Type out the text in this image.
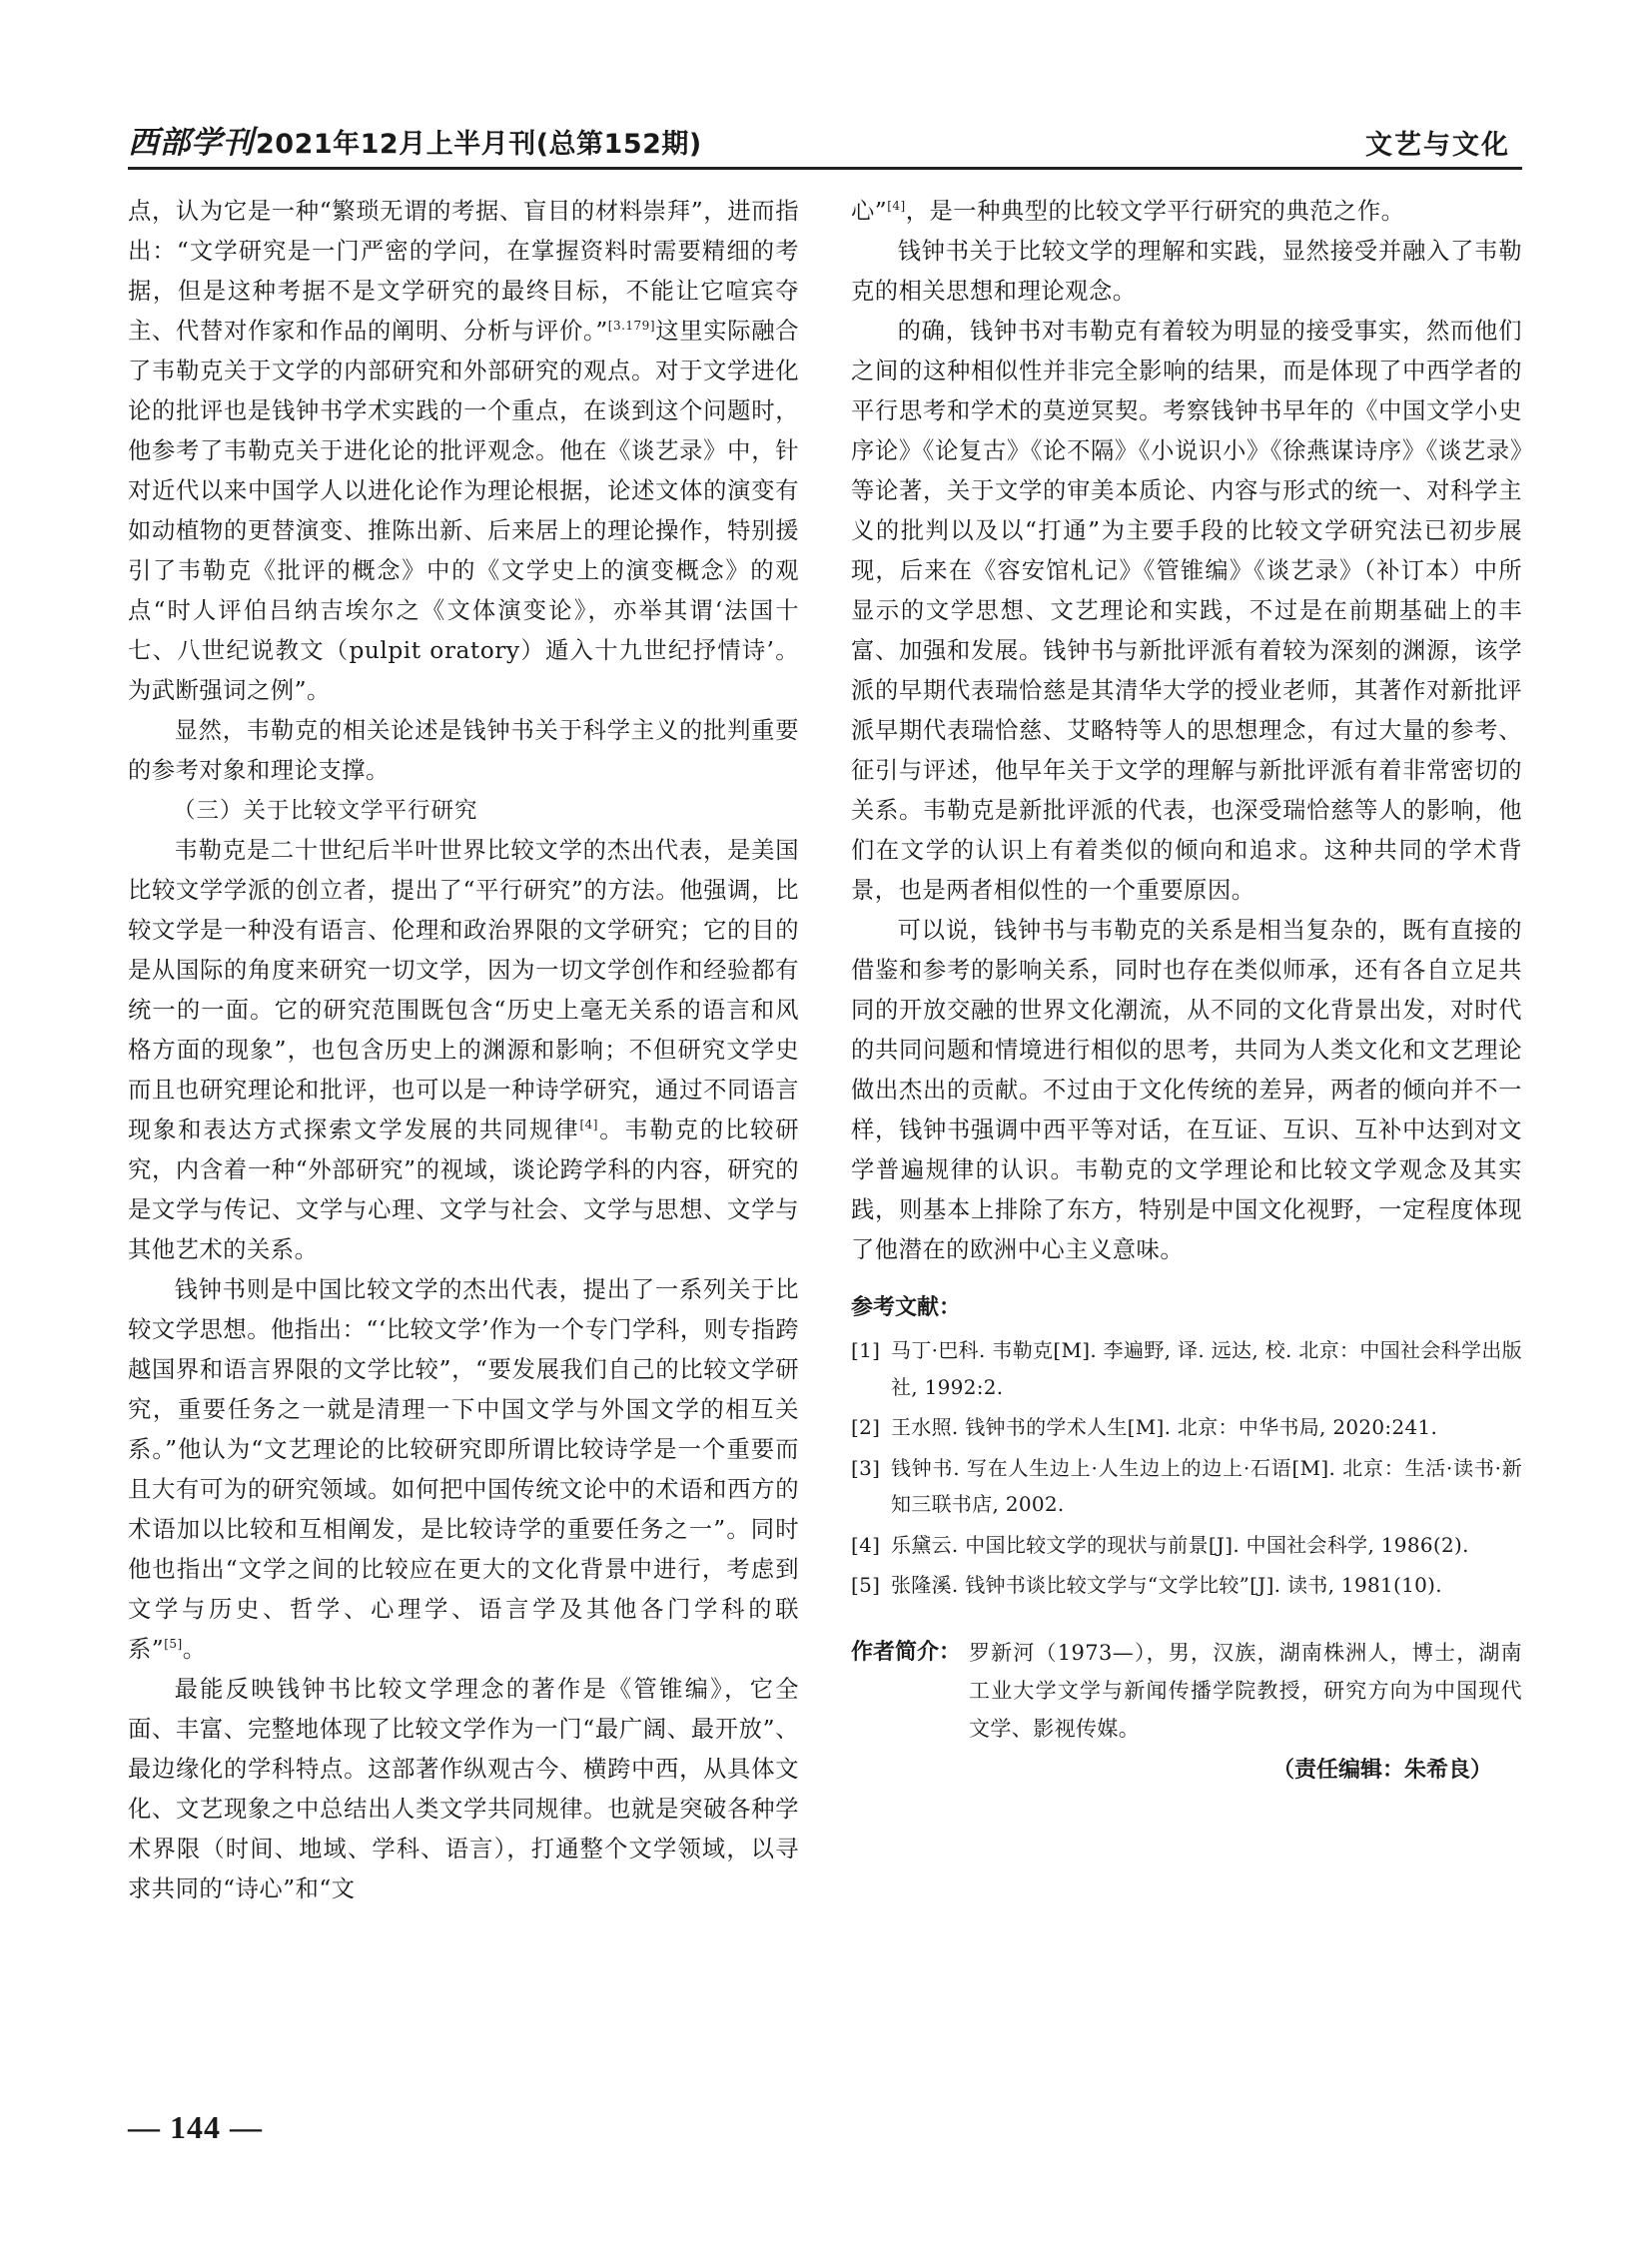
西部学刊2021年12月上半月刊(总第152期)	文艺与文化

点，认为它是一种“繁琐无谓的考据、盲目的材料崇拜”，进而指出：“文学研究是一门严密的学问，在掌握资料时需要精细的考据，但是这种考据不是文学研究的最终目标，不能让它喧宾夺主、代替对作家和作品的阐明、分析与评价。”[3.179]这里实际融合了韦勒克关于文学的内部研究和外部研究的观点。对于文学进化论的批评也是钱钟书学术实践的一个重点，在谈到这个问题时，他参考了韦勒克关于进化论的批评观念。他在《谈艺录》中，针对近代以来中国学人以进化论作为理论根据，论述文体的演变有如动植物的更替演变、推陈出新、后来居上的理论操作，特别援引了韦勒克《批评的概念》中的《文学史上的演变概念》的观点“时人评伯吕纳吉埃尔之《文体演变论》，亦举其谓‘法国十七、八世纪说教文（pulpit oratory）遁入十九世纪抒情诗’。为武断强词之例”。

显然，韦勒克的相关论述是钱钟书关于科学主义的批判重要的参考对象和理论支撑。

（三）关于比较文学平行研究

韦勒克是二十世纪后半叶世界比较文学的杰出代表，是美国比较文学学派的创立者，提出了“平行研究”的方法。他强调，比较文学是一种没有语言、伦理和政治界限的文学研究；它的目的是从国际的角度来研究一切文学，因为一切文学创作和经验都有统一的一面。它的研究范围既包含“历史上毫无关系的语言和风格方面的现象”，也包含历史上的渊源和影响；不但研究文学史而且也研究理论和批评，也可以是一种诗学研究，通过不同语言现象和表达方式探索文学发展的共同规律[4]。韦勒克的比较研究，内含着一种“外部研究”的视域，谈论跨学科的内容，研究的是文学与传记、文学与心理、文学与社会、文学与思想、文学与其他艺术的关系。

钱钟书则是中国比较文学的杰出代表，提出了一系列关于比较文学思想。他指出：“‘比较文学’作为一个专门学科，则专指跨越国界和语言界限的文学比较”，“要发展我们自己的比较文学研究，重要任务之一就是清理一下中国文学与外国文学的相互关系。”他认为“文艺理论的比较研究即所谓比较诗学是一个重要而且大有可为的研究领域。如何把中国传统文论中的术语和西方的术语加以比较和互相阐发，是比较诗学的重要任务之一”。同时他也指出“文学之间的比较应在更大的文化背景中进行，考虑到文学与历史、哲学、心理学、语言学及其他各门学科的联系”[5]。

最能反映钱钟书比较文学理念的著作是《管锥编》，它全面、丰富、完整地体现了比较文学作为一门“最广阔、最开放”、最边缘化的学科特点。这部著作纵观古今、横跨中西，从具体文化、文艺现象之中总结出人类文学共同规律。也就是突破各种学术界限（时间、地域、学科、语言），打通整个文学领域，以寻求共同的“诗心”和“文

心”[4]，是一种典型的比较文学平行研究的典范之作。

钱钟书关于比较文学的理解和实践，显然接受并融入了韦勒克的相关思想和理论观念。

的确，钱钟书对韦勒克有着较为明显的接受事实，然而他们之间的这种相似性并非完全影响的结果，而是体现了中西学者的平行思考和学术的莫逆冥契。考察钱钟书早年的《中国文学小史序论》《论复古》《论不隔》《小说识小》《徐燕谋诗序》《谈艺录》等论著，关于文学的审美本质论、内容与形式的统一、对科学主义的批判以及以“打通”为主要手段的比较文学研究法已初步展现，后来在《容安馆札记》《管锥编》《谈艺录》（补订本）中所显示的文学思想、文艺理论和实践，不过是在前期基础上的丰富、加强和发展。钱钟书与新批评派有着较为深刻的渊源，该学派的早期代表瑞恰慈是其清华大学的授业老师，其著作对新批评派早期代表瑞恰慈、艾略特等人的思想理念，有过大量的参考、征引与评述，他早年关于文学的理解与新批评派有着非常密切的关系。韦勒克是新批评派的代表，也深受瑞恰慈等人的影响，他们在文学的认识上有着类似的倾向和追求。这种共同的学术背景，也是两者相似性的一个重要原因。

可以说，钱钟书与韦勒克的关系是相当复杂的，既有直接的借鉴和参考的影响关系，同时也存在类似师承，还有各自立足共同的开放交融的世界文化潮流，从不同的文化背景出发，对时代的共同问题和情境进行相似的思考，共同为人类文化和文艺理论做出杰出的贡献。不过由于文化传统的差异，两者的倾向并不一样，钱钟书强调中西平等对话，在互证、互识、互补中达到对文学普遍规律的认识。韦勒克的文学理论和比较文学观念及其实践，则基本上排除了东方，特别是中国文化视野，一定程度体现了他潜在的欧洲中心主义意味。

参考文献：
[1] 马丁·巴科. 韦勒克[M]. 李遍野, 译. 远达, 校. 北京：中国社会科学出版社, 1992:2.
[2] 王水照. 钱钟书的学术人生[M]. 北京：中华书局, 2020:241.
[3] 钱钟书. 写在人生边上·人生边上的边上·石语[M]. 北京：生活·读书·新知三联书店, 2002.
[4] 乐黛云. 中国比较文学的现状与前景[J]. 中国社会科学, 1986(2).
[5] 张隆溪. 钱钟书谈比较文学与“文学比较”[J]. 读书, 1981(10).
作者简介： 罗新河（1973—），男，汉族，湖南株洲人，博士，湖南工业大学文学与新闻传播学院教授，研究方向为中国现代文学、影视传媒。
（责任编辑：朱希良）
— 144 —
